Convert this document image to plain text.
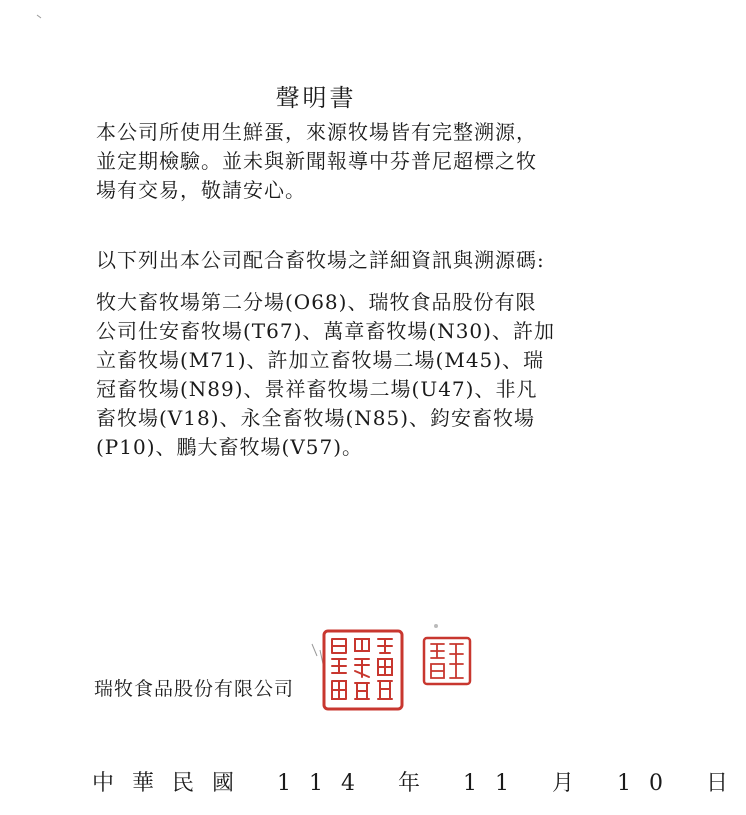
聲明書

本公司所使用生鮮蛋，來源牧場皆有完整溯源，並定期檢驗。並未與新聞報導中芬普尼超標之牧場有交易，敬請安心。

以下列出本公司配合畜牧場之詳細資訊與溯源碼:

牧大畜牧場第二分場(O68)、瑞牧食品股份有限公司仕安畜牧場(T67)、萬章畜牧場(N30)、許加立畜牧場(M71)、許加立畜牧場二場(M45)、瑞冠畜牧場(N89)、景祥畜牧場二場(U47)、非凡畜牧場(V18)、永全畜牧場(N85)、鈞安畜牧場(P10)、鵬大畜牧場(V57)。

瑞牧食品股份有限公司
中華民國 114 年 11 月 10 日
